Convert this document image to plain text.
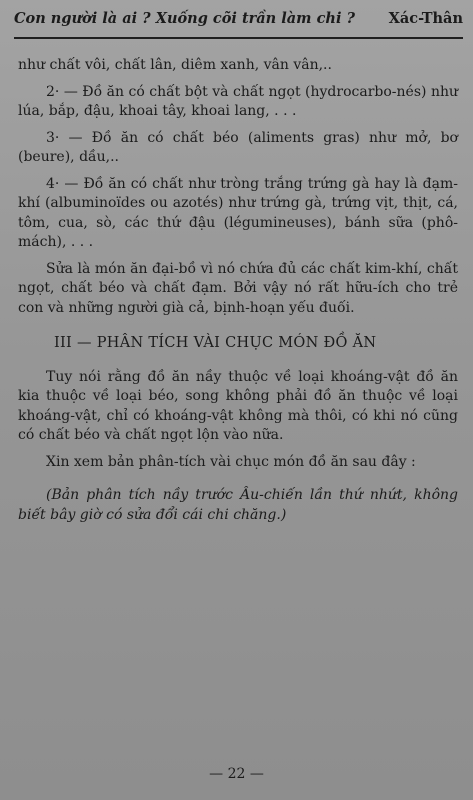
Con người là ai ? Xuống cõi trần làm chi ? Xác-Thân

như chất vôi, chất lân, diêm xanh, vân vân,..

2· — Đồ ăn có chất bột và chất ngọt (hydrocarbo-nés) như lúa, bắp, đậu, khoai tây, khoai lang, . . .

3· — Đồ ăn có chất béo (aliments gras) như mở, bơ (beure), dầu,..

4· — Đồ ăn có chất như tròng trắng trứng gà hay là đạm-khí (albuminoïdes ou azotés) như trứng gà, trứng vịt, thịt, cá, tôm, cua, sò, các thứ đậu (légumineuses), bánh sữa (phô-mách), . . .

Sửa là món ăn đại-bồ vì nó chứa đủ các chất kim-khí, chất ngọt, chất béo và chất đạm. Bởi vậy nó rất hữu-ích cho trẻ con và những người già cả, bịnh-hoạn yếu đuối.

III — PHÂN TÍCH VÀI CHỤC MÓN ĐỒ ĂN

Tuy nói rằng đồ ăn nầy thuộc về loại khoáng-vật đồ ăn kia thuộc về loại béo, song không phải đồ ăn thuộc về loại khoáng-vật, chỉ có khoáng-vật không mà thôi, có khi nó cũng có chất béo và chất ngọt lộn vào nữa.

Xin xem bản phân-tích vài chục món đồ ăn sau đây :

(Bản phân tích nầy trước Âu-chiến lần thứ nhứt, không biết bây giờ có sửa đổi cái chi chăng.)

— 22 —
